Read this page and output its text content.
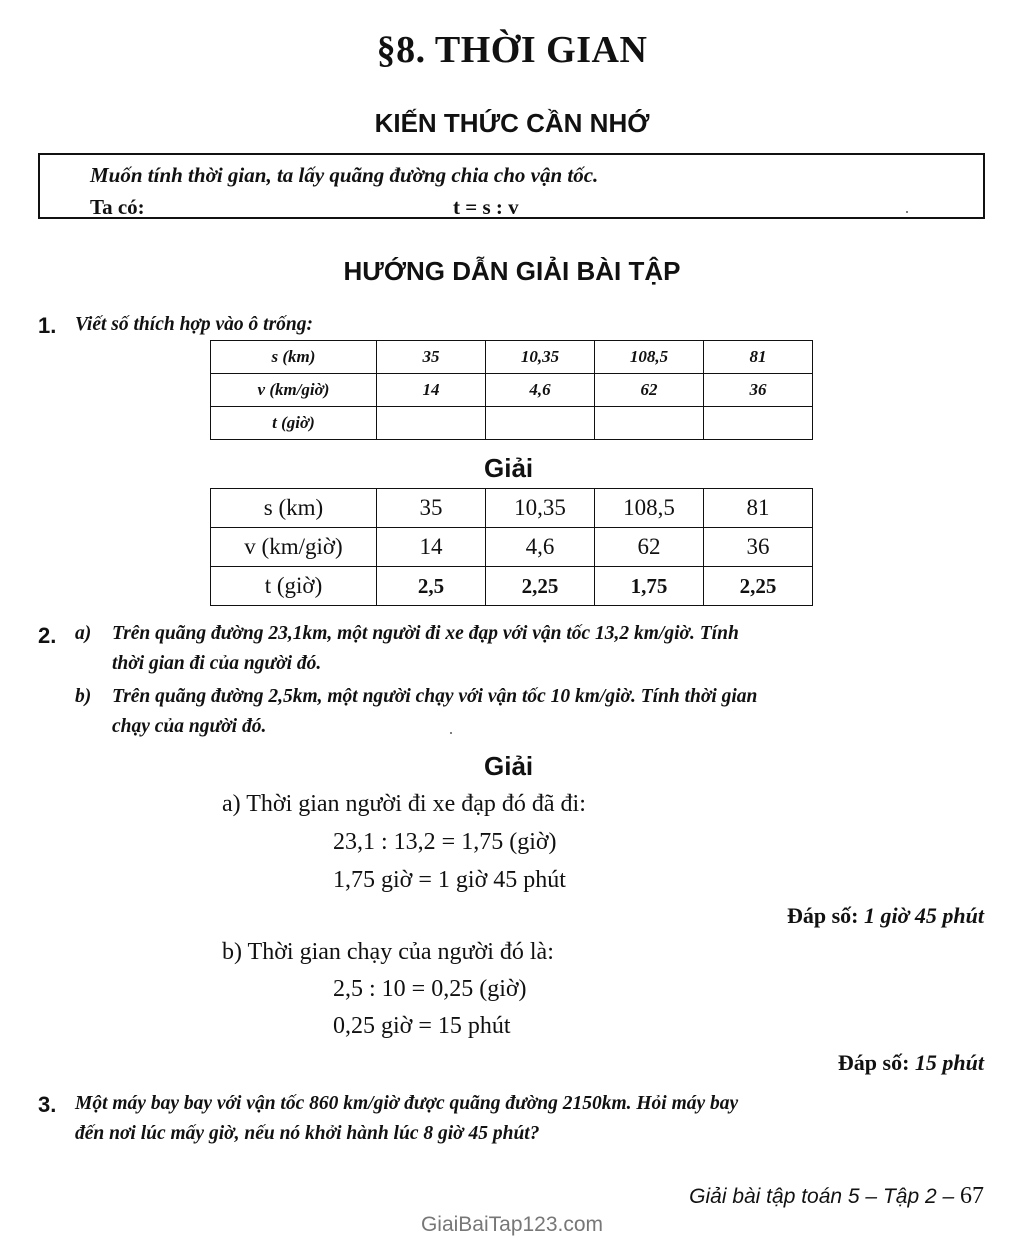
§8. THỜI GIAN
KIẾN THỨC CẦN NHỚ
Muốn tính thời gian, ta lấy quãng đường chia cho vận tốc.
Ta có:	t = s : v
HƯỚNG DẪN GIẢI BÀI TẬP
1. Viết số thích hợp vào ô trống:
s (km)	35	10,35	108,5	81
v (km/giờ)	14	4,6	62	36
t (giờ)				
Giải
s (km)	35	10,35	108,5	81
v (km/giờ)	14	4,6	62	36
t (giờ)	2,5	2,25	1,75	2,25
2. a) Trên quãng đường 23,1km, một người đi xe đạp với vận tốc 13,2 km/giờ. Tính
thời gian đi của người đó.
b) Trên quãng đường 2,5km, một người chạy với vận tốc 10 km/giờ. Tính thời gian
chạy của người đó.
Giải
a) Thời gian người đi xe đạp đó đã đi:
23,1 : 13,2 = 1,75 (giờ)
1,75 giờ = 1 giờ 45 phút
Đáp số: 1 giờ 45 phút
b) Thời gian chạy của người đó là:
2,5 : 10 = 0,25 (giờ)
0,25 giờ = 15 phút
Đáp số: 15 phút
3. Một máy bay bay với vận tốc 860 km/giờ được quãng đường 2150km. Hỏi máy bay
đến nơi lúc mấy giờ, nếu nó khởi hành lúc 8 giờ 45 phút?
Giải bài tập toán 5 – Tập 2 – 67
GiaiBaiTap123.com
